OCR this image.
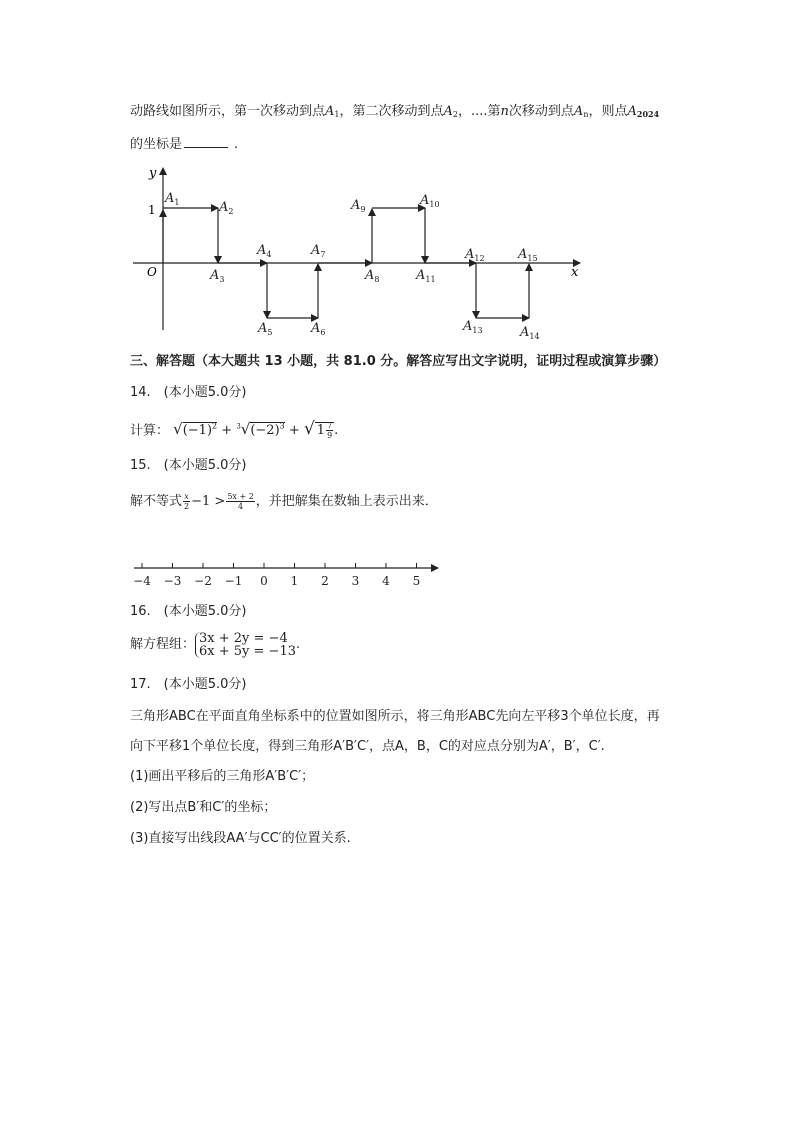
动路线如图所示，第一次移动到点$A_1$，第二次移动到点$A_2$，....第n次移动到点$A_n$，则点$A_{2024}$
的坐标是	.
y
x
O
1
$A_1$	$A_2$
$A_3$
$A_4$
$A_5$	$A_6$
$A_7$
$A_8$
$A_9$
$A_{10}$
$A_{11}$
$A_{12}$
$A_{13}$	$A_{14}$
$A_{15}$
三、解答题（本大题共 13 小题，共 81.0 分。解答应写出文字说明，证明过程或演算步骤）
14.　(本小题5.0分)
计算： $√(-1)^2 + ^3√(-2)^3$ + √ $1 \frac{7}{9}$ .
15.　(本小题5.0分)
解不等式 $\frac{x}{2} -1 > \frac{5x + 2}{4}$ ，并把解集在数轴上表示出来．
−4 −3 −2 −1 0 1 2 3 4 5
16.　(本小题5.0分)
解方程组： 3x + 2y = −4
6x + 5y = −13 .
17.　(本小题5.0分)
三角形ABC在平面直角坐标系中的位置如图所示，将三角形ABC先向左平移3个单位长度，再
向下平移1个单位长度，得到三角形A′B′C′，点A，B，C的对应点分别为A′，B′，C′.
(1)画出平移后的三角形A′B′C′；
(2)写出点B′和C′的坐标；
(3)直接写出线段AA′与CC′的位置关系.
